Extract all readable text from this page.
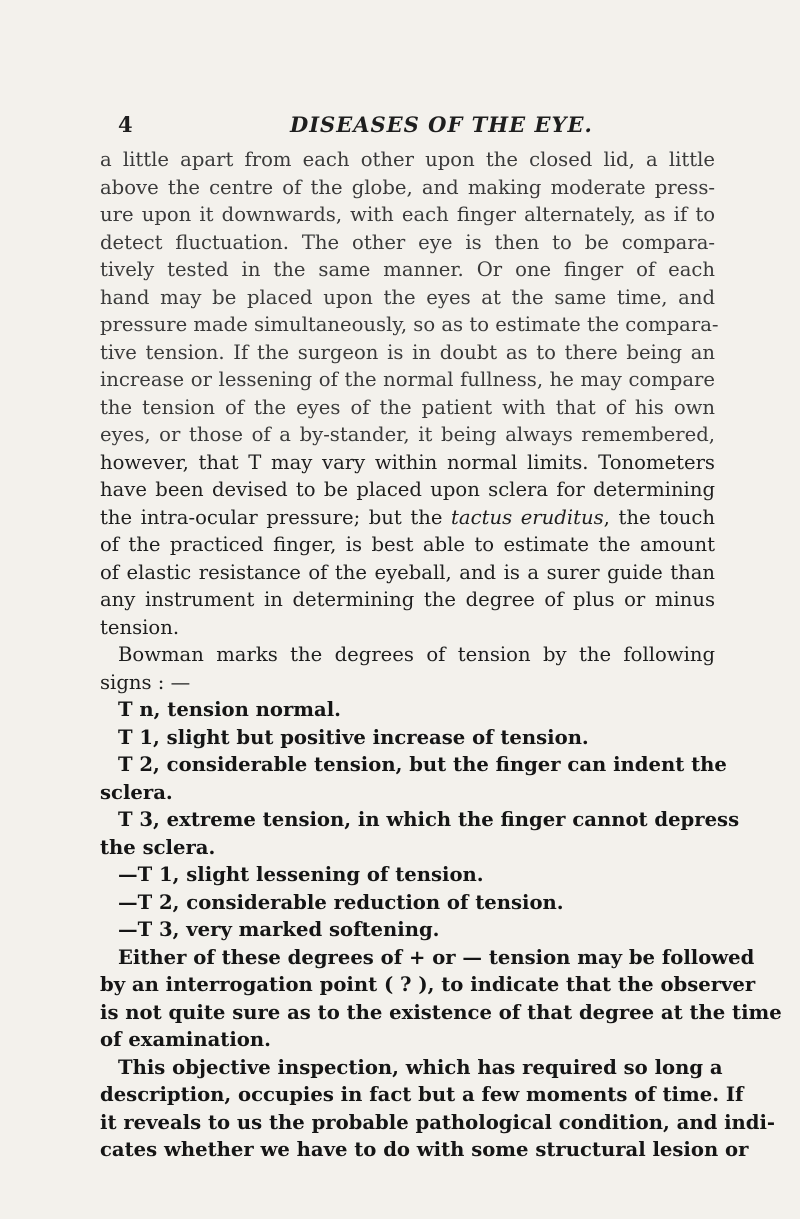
4	DISEASES OF THE EYE.
a little apart from each other upon the closed lid, a little
above the centre of the globe, and making moderate press-
ure upon it downwards, with each finger alternately, as if to
detect fluctuation. The other eye is then to be compara-
tively tested in the same manner. Or one finger of each
hand may be placed upon the eyes at the same time, and
pressure made simultaneously, so as to estimate the compara-
tive tension. If the surgeon is in doubt as to there being an
increase or lessening of the normal fullness, he may compare
the tension of the eyes of the patient with that of his own
eyes, or those of a by-stander, it being always remembered,
however, that T may vary within normal limits. Tonometers
have been devised to be placed upon sclera for determining
the intra-ocular pressure; but the tactus eruditus, the touch
of the practiced finger, is best able to estimate the amount
of elastic resistance of the eyeball, and is a surer guide than
any instrument in determining the degree of plus or minus
tension.
Bowman marks the degrees of tension by the following
signs : —
T n, tension normal.
T 1, slight but positive increase of tension.
T 2, considerable tension, but the finger can indent the
sclera.
T 3, extreme tension, in which the finger cannot depress
the sclera.
—T 1, slight lessening of tension.
—T 2, considerable reduction of tension.
—T 3, very marked softening.
Either of these degrees of + or — tension may be followed
by an interrogation point ( ? ), to indicate that the observer
is not quite sure as to the existence of that degree at the time
of examination.
This objective inspection, which has required so long a
description, occupies in fact but a few moments of time. If
it reveals to us the probable pathological condition, and indi-
cates whether we have to do with some structural lesion or
